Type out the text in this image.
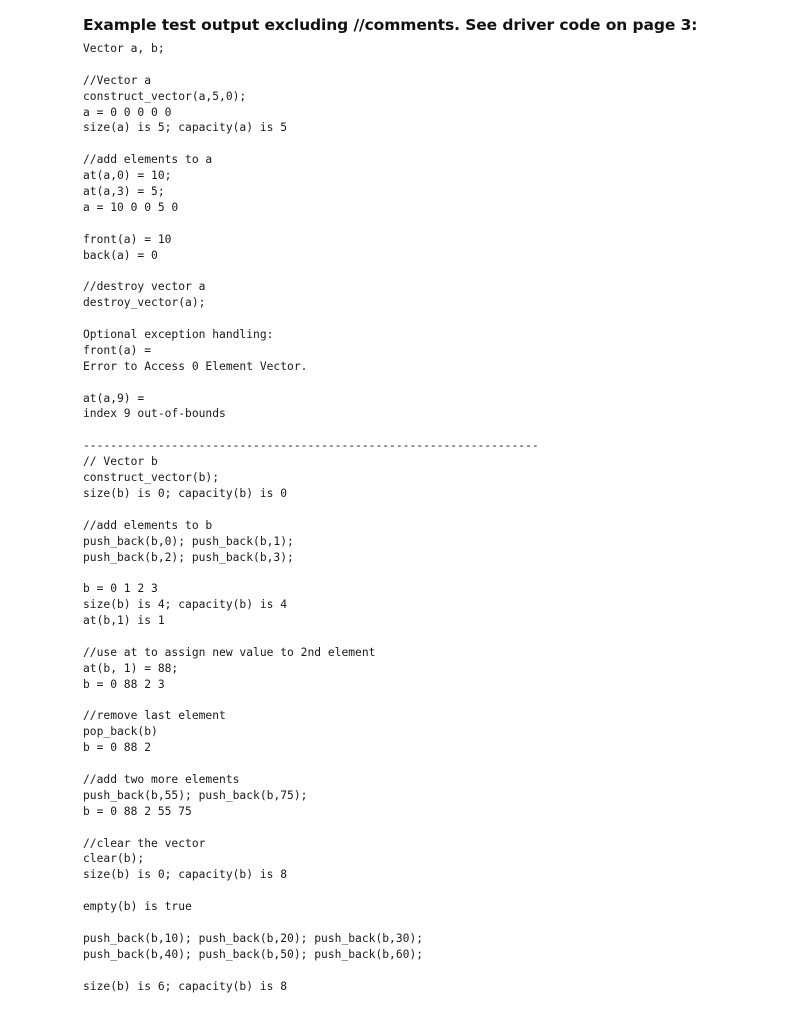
Example test output excluding //comments. See driver code on page 3:
Vector a, b;
//Vector a
construct_vector(a,5,0);
a = 0 0 0 0 0
size(a) is 5; capacity(a) is 5
//add elements to a
at(a,0) = 10;
at(a,3) = 5;
a = 10 0 0 5 0
front(a) = 10
back(a) = 0
//destroy vector a
destroy_vector(a);
Optional exception handling:
front(a) =
Error to Access 0 Element Vector.
at(a,9) =
index 9 out-of-bounds
-------------------------------------------------------------------
// Vector b
construct_vector(b);
size(b) is 0; capacity(b) is 0
//add elements to b
push_back(b,0); push_back(b,1);
push_back(b,2); push_back(b,3);
b = 0 1 2 3
size(b) is 4; capacity(b) is 4
at(b,1) is 1
//use at to assign new value to 2nd element
at(b, 1) = 88;
b = 0 88 2 3
//remove last element
pop_back(b)
b = 0 88 2
//add two more elements
push_back(b,55); push_back(b,75);
b = 0 88 2 55 75
//clear the vector
clear(b);
size(b) is 0; capacity(b) is 8
empty(b) is true
push_back(b,10); push_back(b,20); push_back(b,30);
push_back(b,40); push_back(b,50); push_back(b,60);
size(b) is 6; capacity(b) is 8
